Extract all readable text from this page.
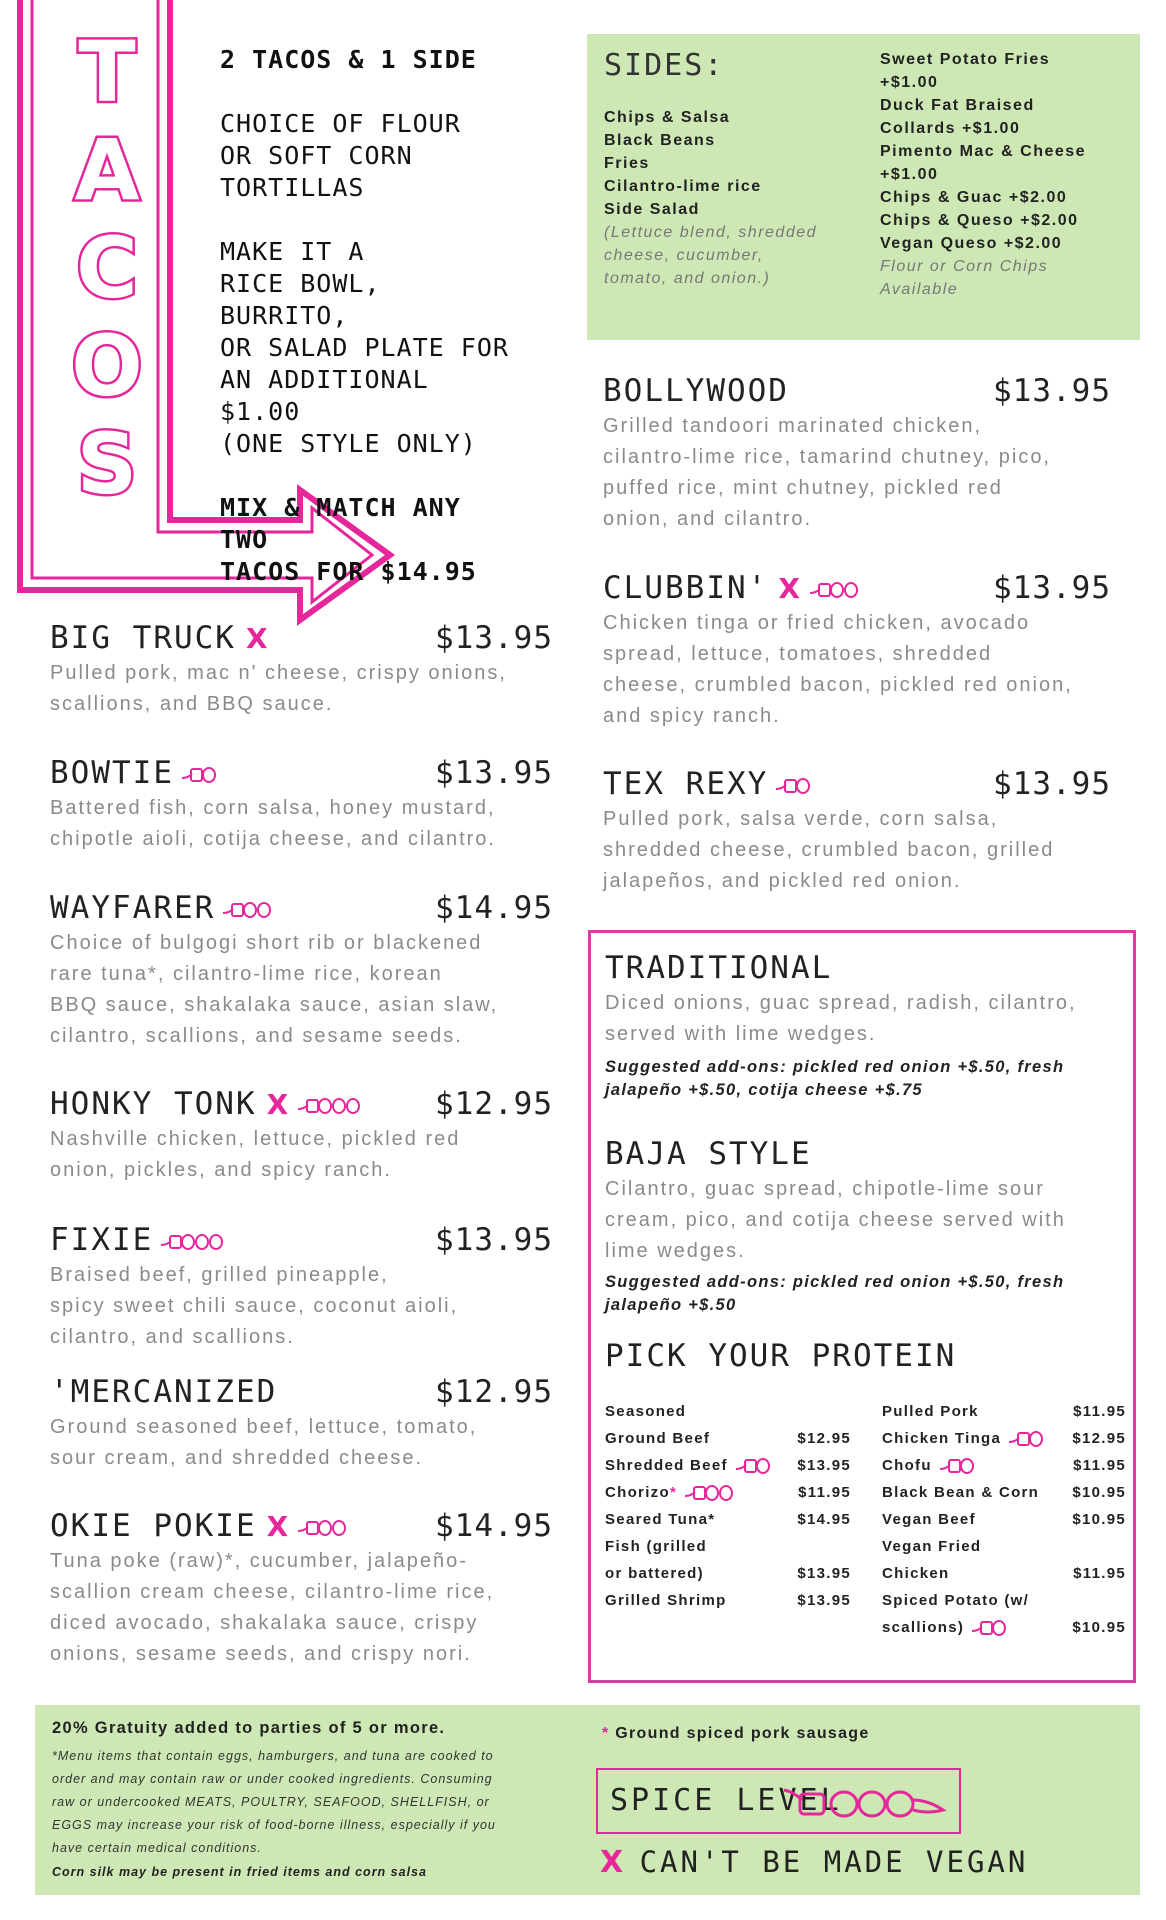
T
A
C
O
S

2 TACOS & 1 SIDE

CHOICE OF FLOUR
OR SOFT CORN TORTILLAS

MAKE IT A
RICE BOWL, BURRITO,
OR SALAD PLATE FOR
AN ADDITIONAL $1.00
(ONE STYLE ONLY)

MIX & MATCH ANY TWO
TACOS FOR $14.95

SIDES:
Chips & Salsa
Black Beans
Fries
Cilantro-lime rice
Side Salad
(Lettuce blend, shredded
cheese, cucumber,
tomato, and onion.)
Sweet Potato Fries
+$1.00
Duck Fat Braised
Collards +$1.00
Pimento Mac & Cheese
+$1.00
Chips & Guac +$2.00
Chips & Queso +$2.00
Vegan Queso +$2.00
Flour or Corn Chips
Available
BIG TRUCK X	$13.95
Pulled pork, mac n' cheese, crispy onions,
scallions, and BBQ sauce.
BOWTIE	$13.95
Battered fish, corn salsa, honey mustard,
chipotle aioli, cotija cheese, and cilantro.
WAYFARER	$14.95
Choice of bulgogi short rib or blackened
rare tuna*, cilantro-lime rice, korean
BBQ sauce, shakalaka sauce, asian slaw,
cilantro, scallions, and sesame seeds.
HONKY TONK X	$12.95
Nashville chicken, lettuce, pickled red
onion, pickles, and spicy ranch.
FIXIE	$13.95
Braised beef, grilled pineapple,
spicy sweet chili sauce, coconut aioli,
cilantro, and scallions.
'MERCANIZED	$12.95
Ground seasoned beef, lettuce, tomato,
sour cream, and shredded cheese.
OKIE POKIE X	$14.95
Tuna poke (raw)*, cucumber, jalapeño-
scallion cream cheese, cilantro-lime rice,
diced avocado, shakalaka sauce, crispy
onions, sesame seeds, and crispy nori.
BOLLYWOOD	$13.95
Grilled tandoori marinated chicken,
cilantro-lime rice, tamarind chutney, pico,
puffed rice, mint chutney, pickled red
onion, and cilantro.
CLUBBIN' X	$13.95
Chicken tinga or fried chicken, avocado
spread, lettuce, tomatoes, shredded
cheese, crumbled bacon, pickled red onion,
and spicy ranch.
TEX REXY	$13.95
Pulled pork, salsa verde, corn salsa,
shredded cheese, crumbled bacon, grilled
jalapeños, and pickled red onion.
TRADITIONAL
Diced onions, guac spread, radish, cilantro,
served with lime wedges.
Suggested add-ons: pickled red onion +$.50, fresh
jalapeño +$.50, cotija cheese +$.75
BAJA STYLE
Cilantro, guac spread, chipotle-lime sour
cream, pico, and cotija cheese served with
lime wedges.
Suggested add-ons: pickled red onion +$.50, fresh
jalapeño +$.50
PICK YOUR PROTEIN
Seasoned
Ground Beef	$12.95
Shredded Beef	$13.95
Chorizo*	$11.95
Seared Tuna*	$14.95
Fish (grilled
or battered)	$13.95
Grilled Shrimp	$13.95
Pulled Pork	$11.95
Chicken Tinga	$12.95
Chofu	$11.95
Black Bean & Corn $10.95
Vegan Beef	$10.95
Vegan Fried
Chicken	$11.95
Spiced Potato (w/
scallions)	$10.95
20% Gratuity added to parties of 5 or more.
*Menu items that contain eggs, hamburgers, and tuna are cooked to
order and may contain raw or under cooked ingredients. Consuming
raw or undercooked MEATS, POULTRY, SEAFOOD, SHELLFISH, or
EGGS may increase your risk of food-borne illness, especially if you
have certain medical conditions.
Corn silk may be present in fried items and corn salsa
* Ground spiced pork sausage
SPICE LEVEL
X CAN'T BE MADE VEGAN
